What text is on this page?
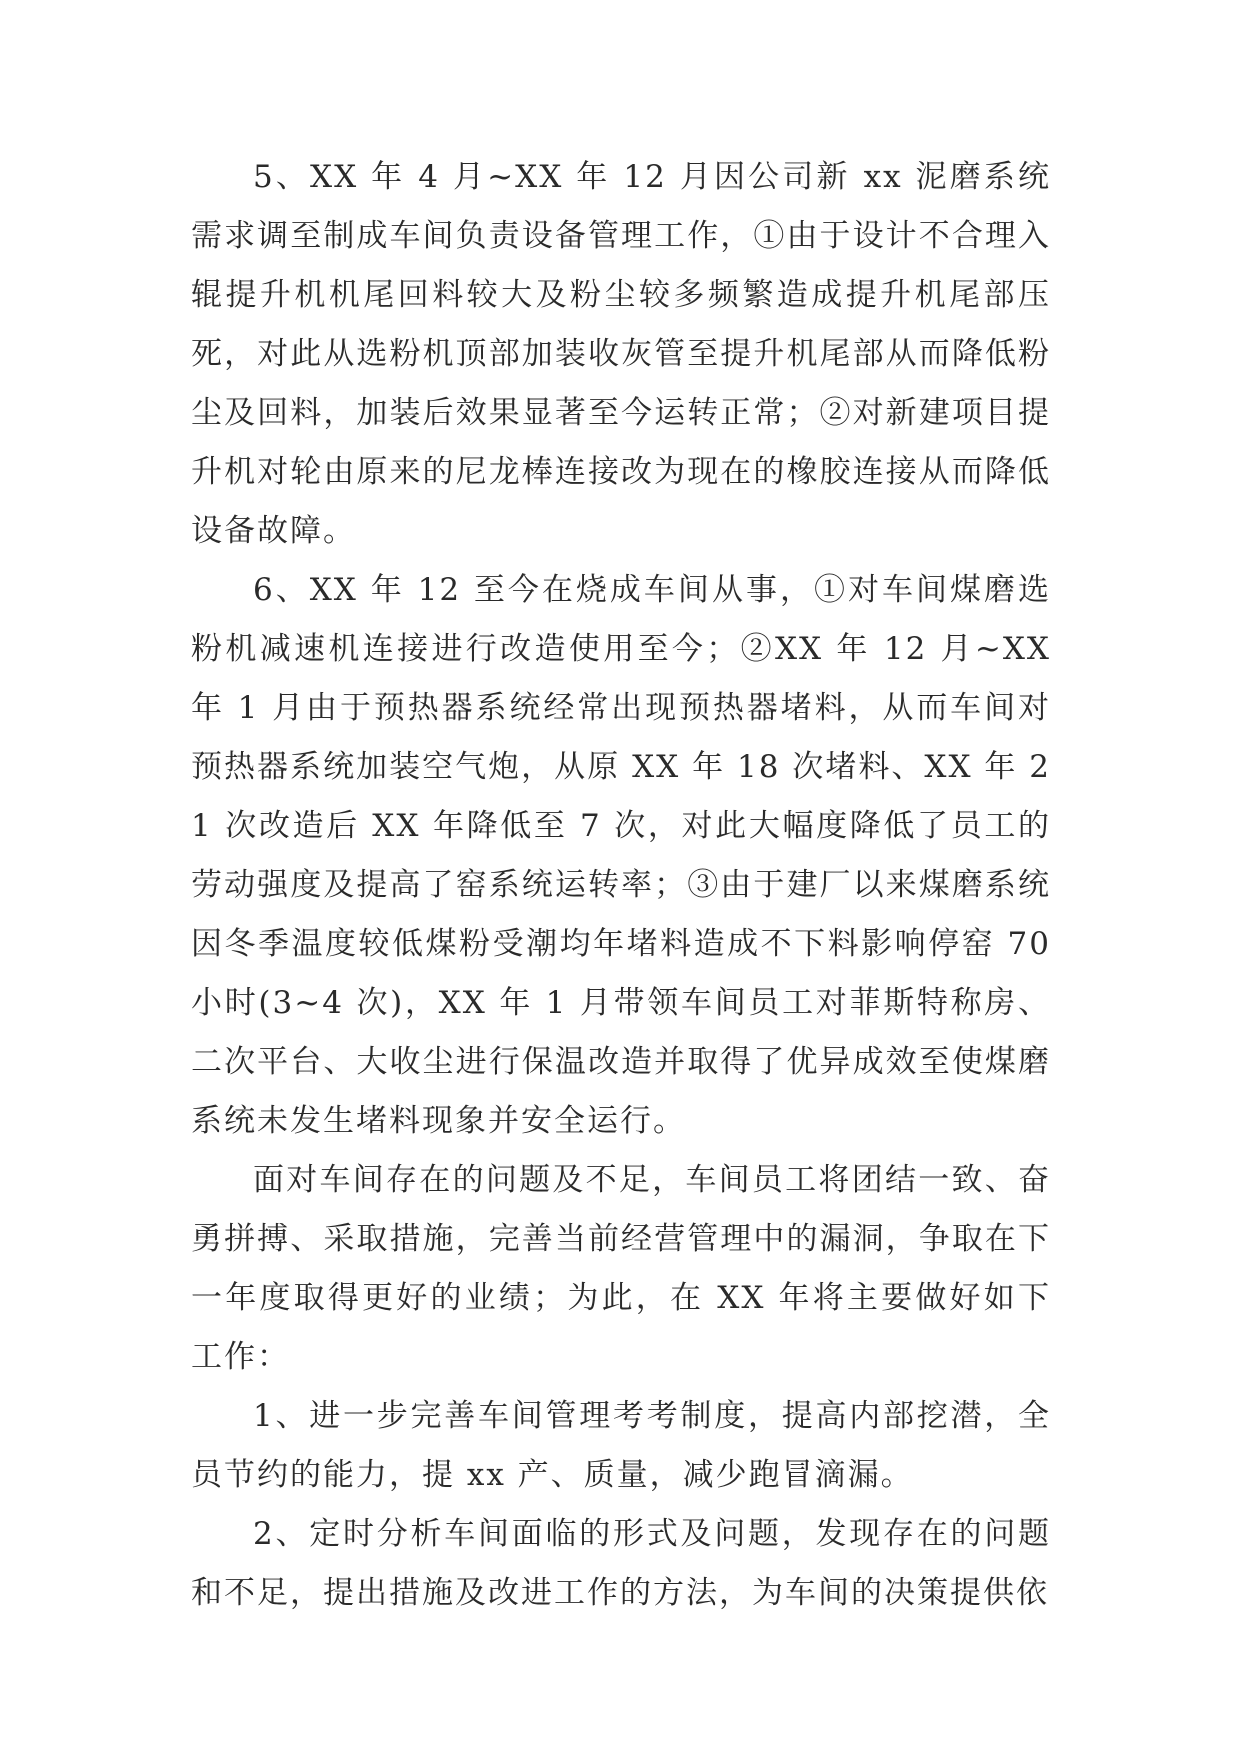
5、XX 年 4 月~XX 年 12 月因公司新 xx 泥磨系统需求调至制成车间负责设备管理工作，①由于设计不合理入辊提升机机尾回料较大及粉尘较多频繁造成提升机尾部压死，对此从选粉机顶部加装收灰管至提升机尾部从而降低粉尘及回料，加装后效果显著至今运转正常；②对新建项目提升机对轮由原来的尼龙棒连接改为现在的橡胶连接从而降低设备故障。

6、XX 年 12 至今在烧成车间从事，①对车间煤磨选粉机减速机连接进行改造使用至今；②XX 年 12 月~XX 年 1 月由于预热器系统经常出现预热器堵料，从而车间对预热器系统加装空气炮，从原 XX 年 18 次堵料、XX 年 21 次改造后 XX 年降低至 7 次，对此大幅度降低了员工的劳动强度及提高了窑系统运转率；③由于建厂以来煤磨系统因冬季温度较低煤粉受潮均年堵料造成不下料影响停窑 70 小时(3~4 次)，XX 年 1 月带领车间员工对菲斯特称房、二次平台、大收尘进行保温改造并取得了优异成效至使煤磨系统未发生堵料现象并安全运行。

面对车间存在的问题及不足，车间员工将团结一致、奋勇拼搏、采取措施，完善当前经营管理中的漏洞，争取在下一年度取得更好的业绩；为此，在 XX 年将主要做好如下工作：

1、进一步完善车间管理考考制度，提高内部挖潜，全员节约的能力，提 xx 产、质量，减少跑冒滴漏。

2、定时分析车间面临的形式及问题，发现存在的问题和不足，提出措施及改进工作的方法，为车间的决策提供依
